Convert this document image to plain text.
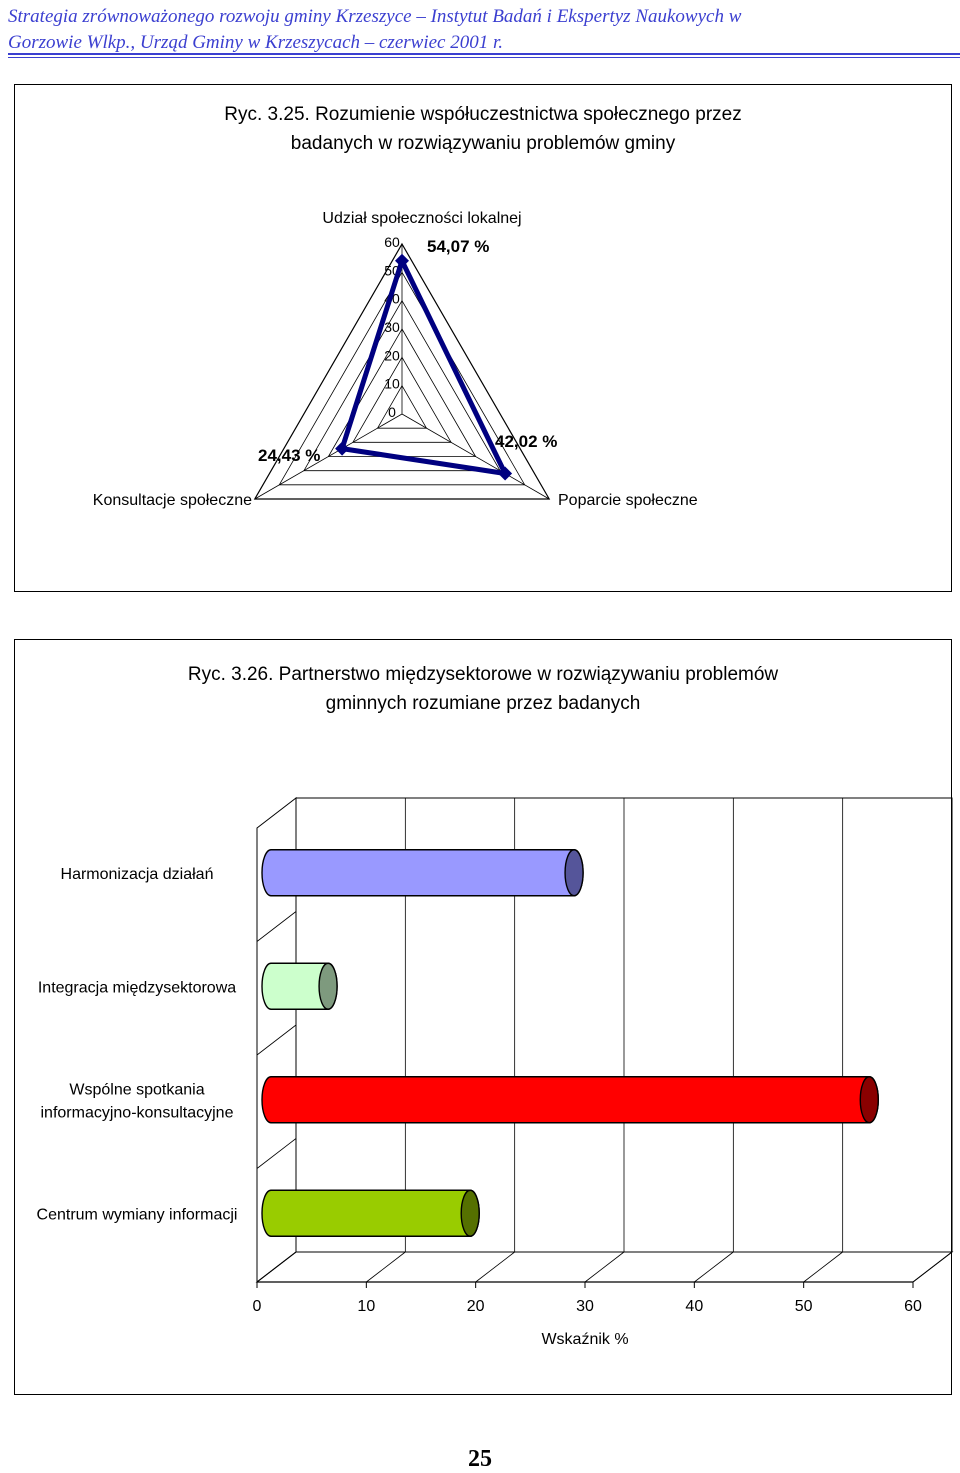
Strategia zrównoważonego rozwoju gminy Krzeszyce – Instytut Badań i Ekspertyz Naukowych w
Gorzowie Wlkp., Urząd Gminy w Krzeszycach – czerwiec 2001 r.
Ryc. 3.25. Rozumienie współuczestnictwa społecznego przez
badanych w rozwiązywaniu problemów gminy
Ryc. 3.26. Partnerstwo międzysektorowe w rozwiązywaniu problemów
gminnych rozumiane przez badanych
0
10
20
30
40
50
60
Udział społeczności lokalnej
Poparcie społeczne
Konsultacje społeczne
54,07 %
42,02 %
24,43 %
0	10	20	30	40	50	60
Wskaźnik %
Harmonizacja działań
Integracja międzysektorowa
Wspólne spotkania
informacyjno-konsultacyjne
Centrum wymiany informacji
25
